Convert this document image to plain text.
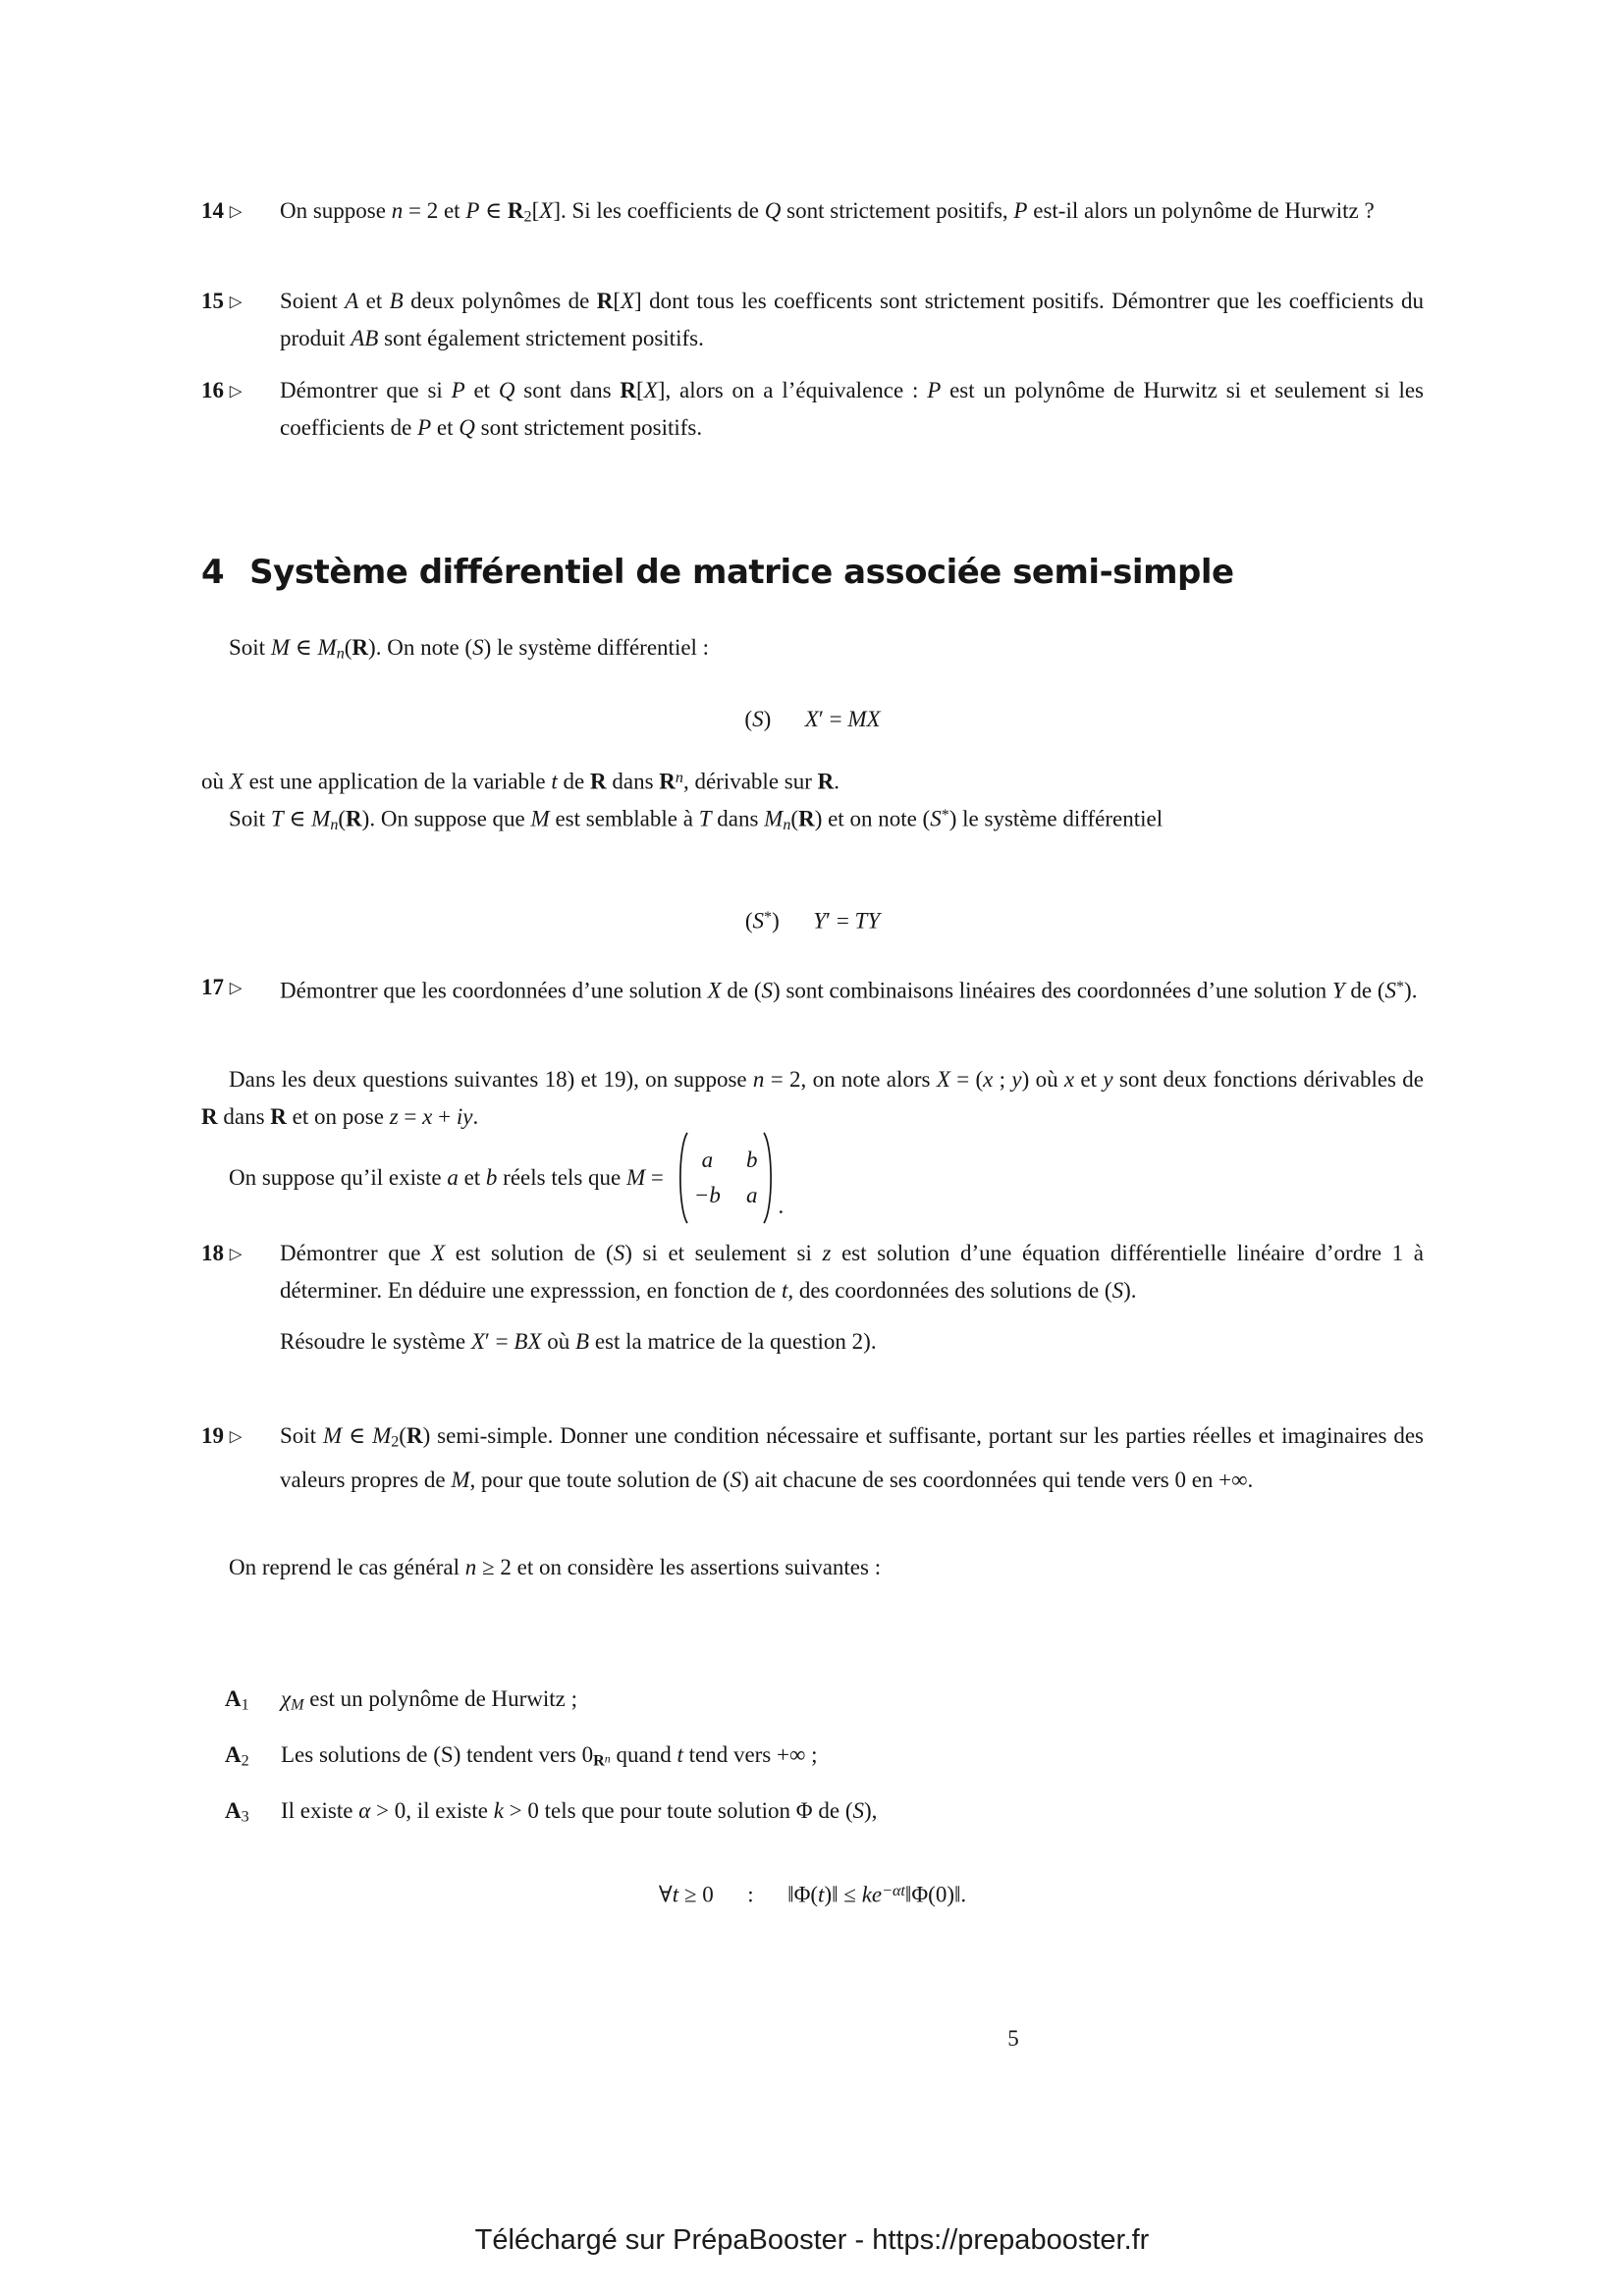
14 ▷	On suppose n = 2 et P ∈ $R_2[X]$. Si les coefficients de Q sont strictement positifs, P est-il alors un polynôme de Hurwitz ?
15 ▷	Soient A et B deux polynômes de R[X] dont tous les coefficents sont strictement positifs. Démontrer que les coefficients du produit AB sont également strictement positifs.
16 ▷	Démontrer que si P et Q sont dans R[X], alors on a l’équivalence : P est un polynôme de Hurwitz si et seulement si les coefficients de P et Q sont strictement positifs.
4 Système différentiel de matrice associée semi-simple
Soit M ∈ Mn(R). On note (S) le système différentiel :
(S)  X′ = MX
où X est une application de la variable t de R dans $R^n$, dérivable sur R.
Soit T ∈ Mn(R). On suppose que M est semblable à T dans Mn(R) et on note (S*) le système différentiel
(S*)  Y′ = TY
17 ▷	Démontrer que les coordonnées d’une solution X de (S) sont combinaisons linéaires des coordonnées d’une solution Y de (S*).
Dans les deux questions suivantes 18) et 19), on suppose n = 2, on note alors X = (x ; y) où x et y sont deux fonctions dérivables de R dans R et on pose z = x + iy.
On suppose qu’il existe a et b réels tels que M =
a	b
−b a .
18 ▷	Démontrer que X est solution de (S) si et seulement si z est solution d’une équation différentielle linéaire d’ordre 1 à déterminer. En déduire une expresssion, en fonction de t, des coordonnées des solutions de (S).
Résoudre le système X′ = BX où B est la matrice de la question 2).
19 ▷	Soit M ∈ $M_2(R)$ semi-simple. Donner une condition nécessaire et suffisante, portant sur les parties réelles et imaginaires des valeurs propres de M, pour que toute solution de (S) ait chacune de ses coordonnées qui tende vers 0 en +∞.
On reprend le cas général n ≥ 2 et on considère les assertions suivantes :
$A_1$	χM est un polynôme de Hurwitz ;
$A_2$	Les solutions de (S) tendent vers 0Rn quand t tend vers +∞ ;
$A_3$	Il existe α > 0, il existe k > 0 tels que pour toute solution Φ de (S),
∀t ≥ 0  :  ‖Φ(t)‖ ≤ $ke^{-\alpha t}‖\Phi(0)‖$.
5
Téléchargé sur PrépaBooster - https://prepabooster.fr
